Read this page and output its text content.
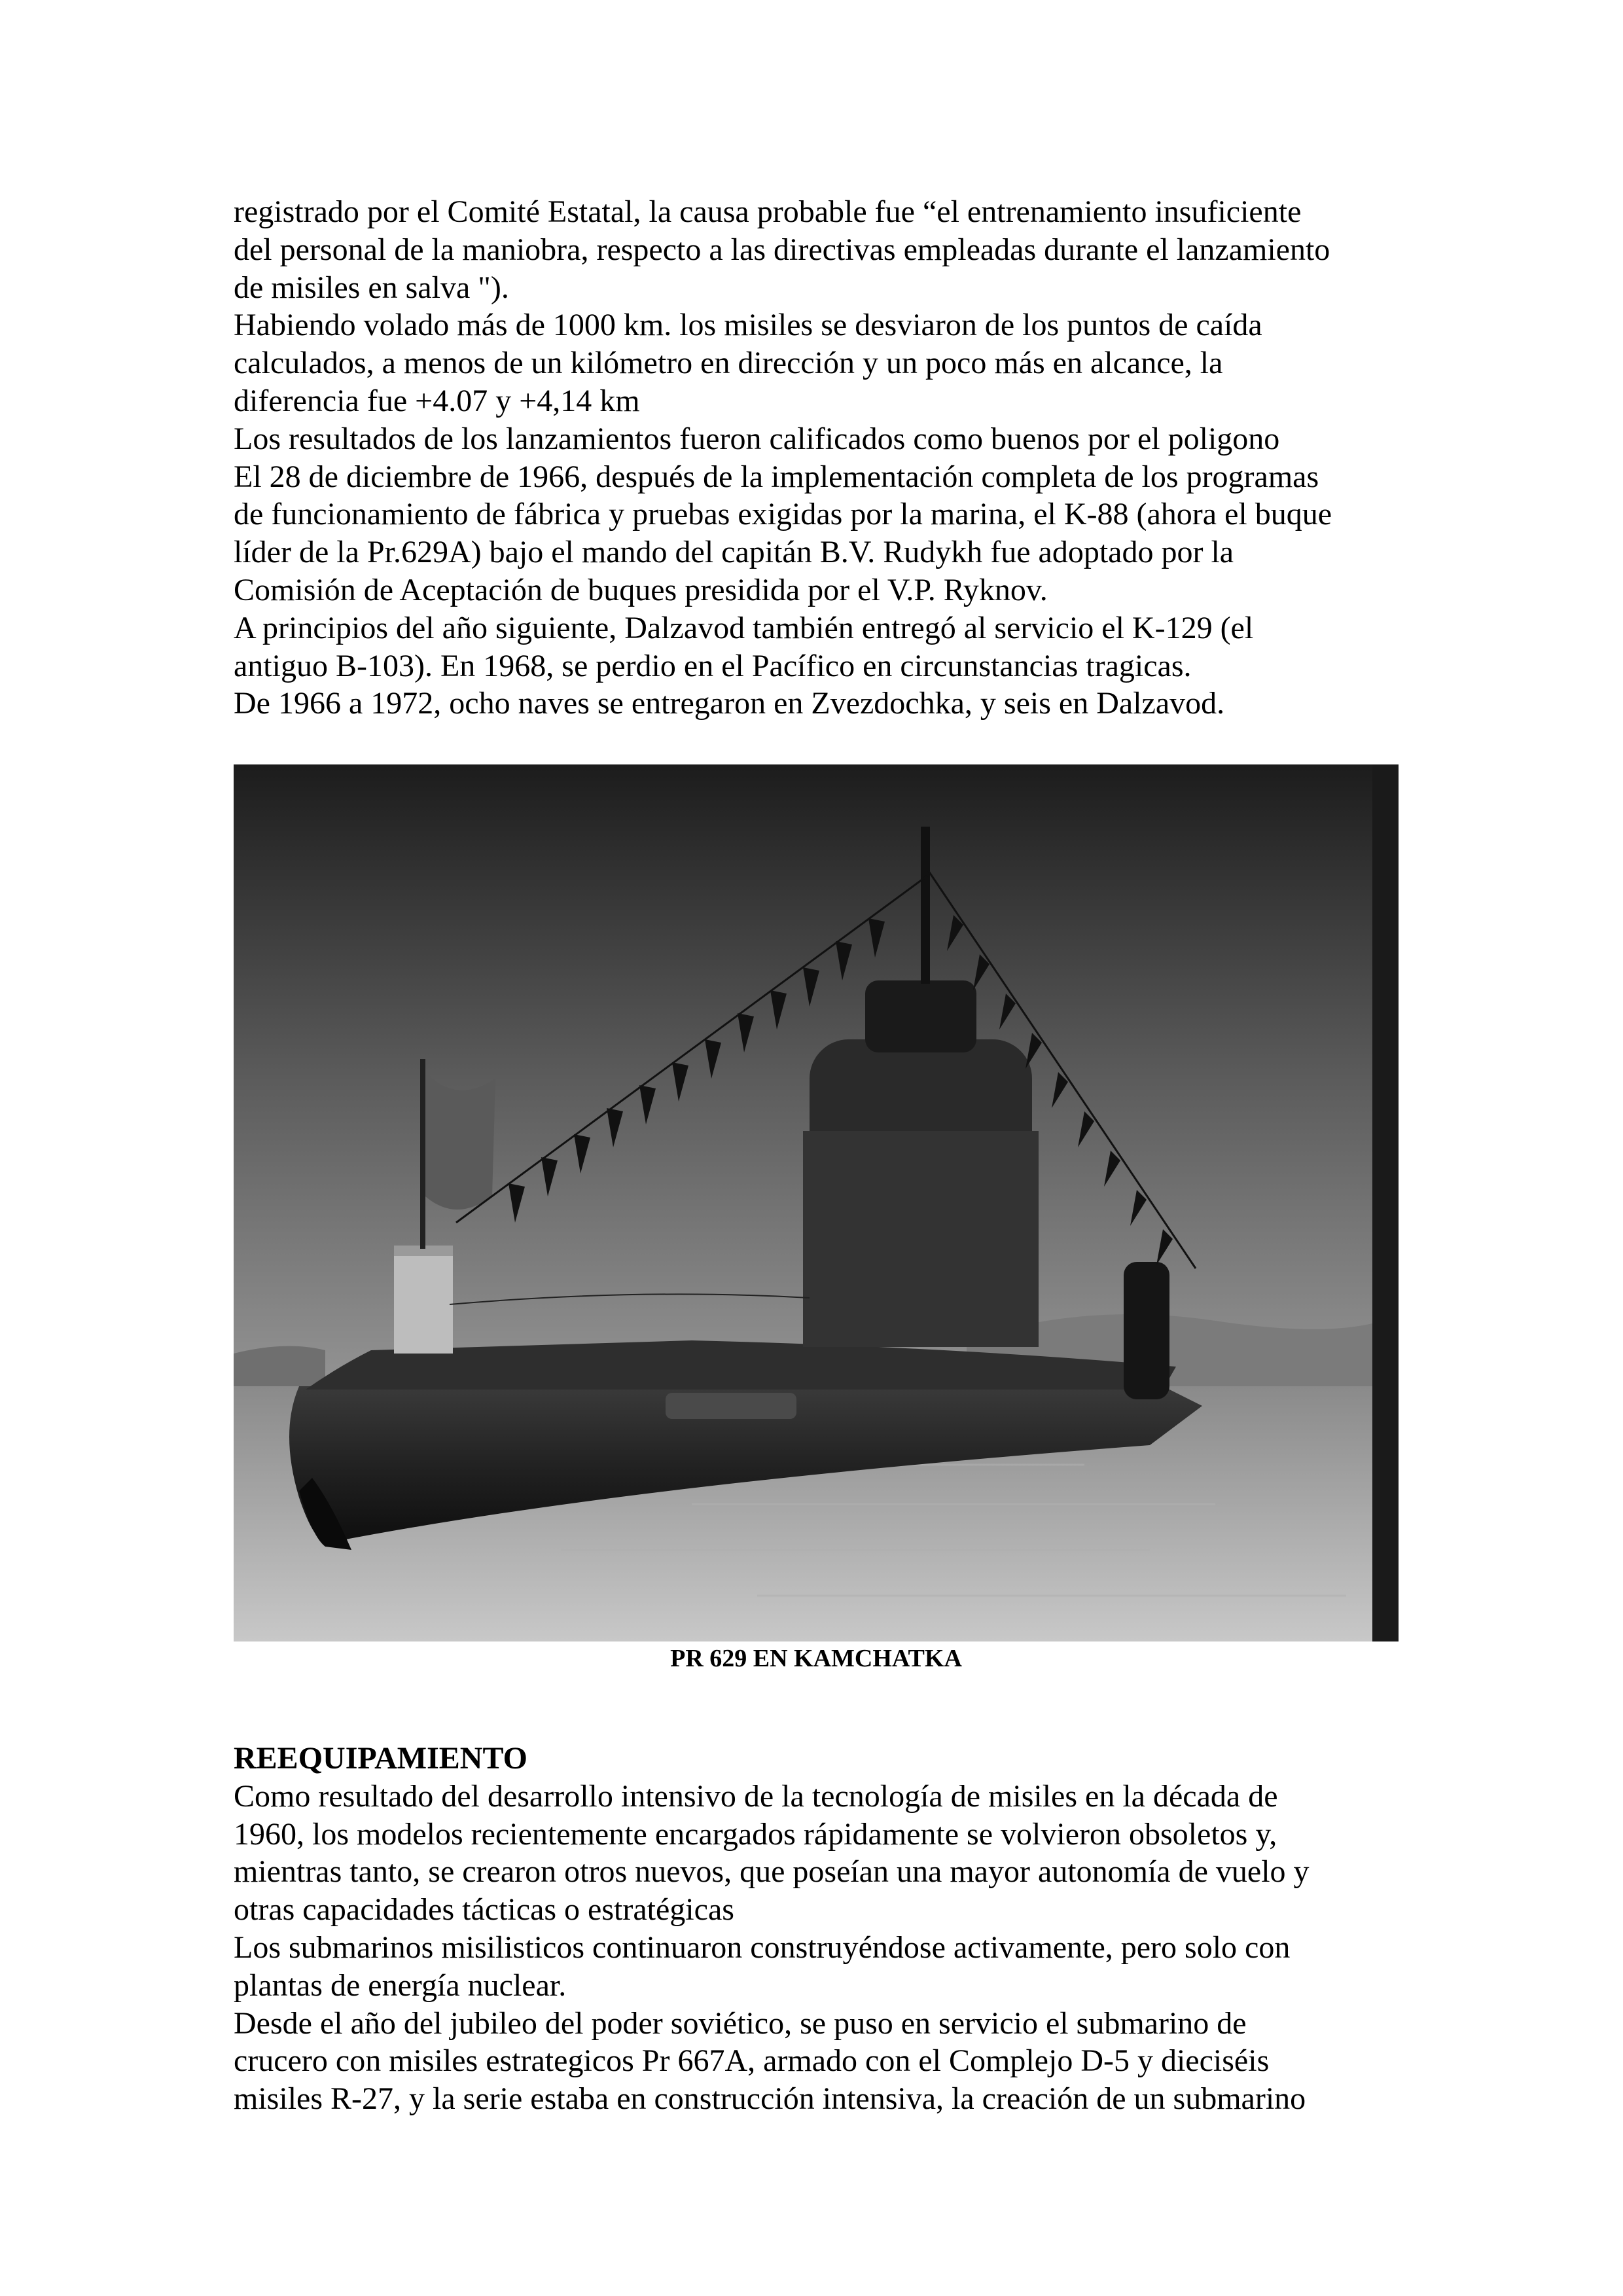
registrado por el Comité Estatal, la causa probable fue “el entrenamiento insuficiente
del personal de la maniobra, respecto a las directivas empleadas durante el lanzamiento
de misiles en salva ").
Habiendo volado más de 1000 km. los misiles se desviaron de los puntos de caída
calculados, a menos de un kilómetro en dirección y un poco más en alcance, la
diferencia fue +4.07 y +4,14 km
Los resultados de los lanzamientos fueron calificados como buenos por el poligono
El 28 de diciembre de 1966, después de la implementación completa de los programas
de funcionamiento de fábrica y pruebas exigidas por la marina, el K-88 (ahora el buque
líder de la Pr.629A) bajo el mando del capitán B.V. Rudykh fue adoptado por la
Comisión de Aceptación de buques presidida por el V.P. Ryknov.
A principios del año siguiente, Dalzavod también entregó al servicio el K-129 (el
antiguo B-103). En 1968, se perdio en el Pacífico en circunstancias tragicas.
De 1966 a 1972, ocho naves se entregaron en Zvezdochka, y seis en Dalzavod.
PR 629 EN KAMCHATKA
REEQUIPAMIENTO
Como resultado del desarrollo intensivo de la tecnología de misiles en la década de
1960, los modelos recientemente encargados rápidamente se volvieron obsoletos y,
mientras tanto, se crearon otros nuevos, que poseían una mayor autonomía de vuelo y
otras capacidades tácticas o estratégicas
Los submarinos misilisticos continuaron construyéndose activamente, pero solo con
plantas de energía nuclear.
Desde el año del jubileo del poder soviético, se puso en servicio el submarino de
crucero con misiles estrategicos Pr 667A, armado con el Complejo D-5 y dieciséis
misiles R-27, y la serie estaba en construcción intensiva, la creación de un submarino
